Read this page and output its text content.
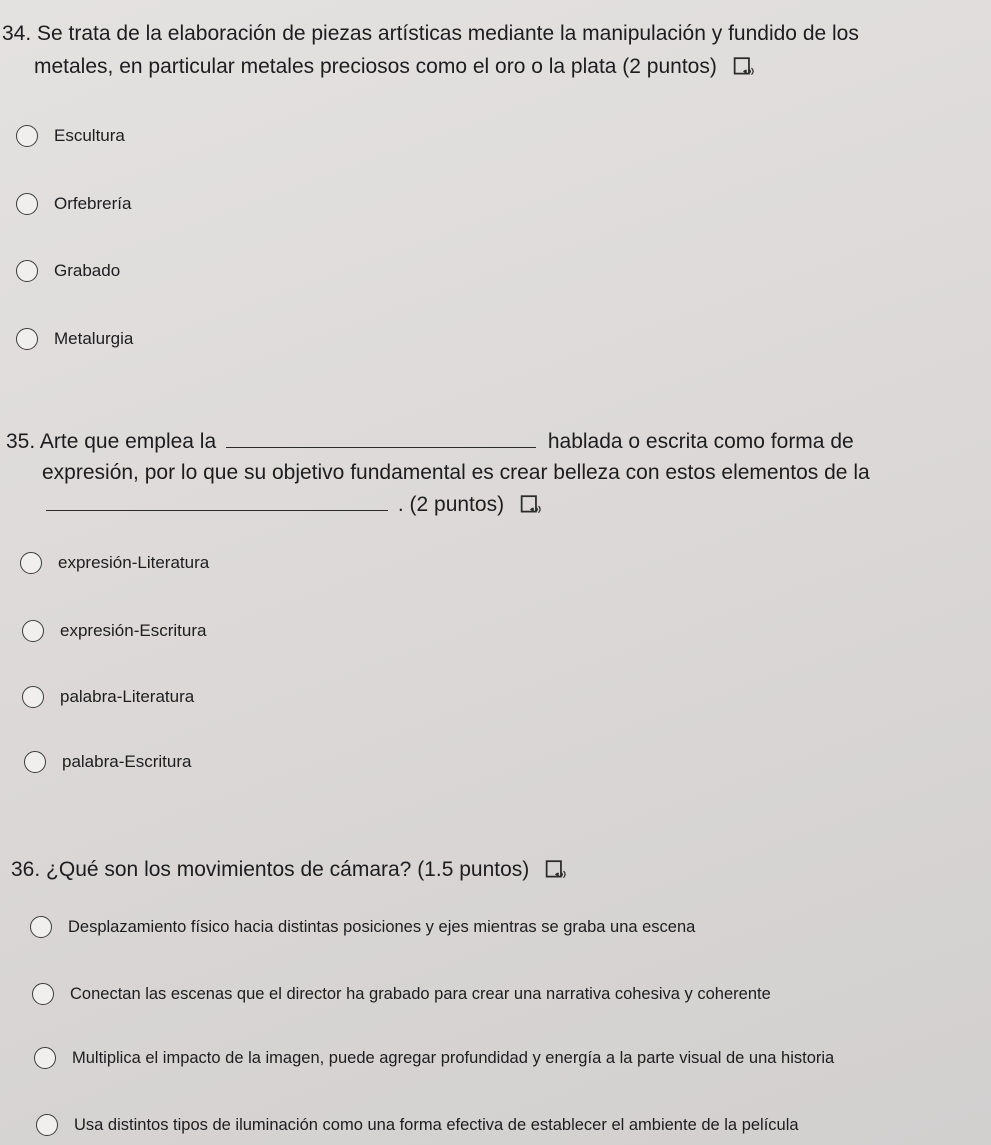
34. Se trata de la elaboración de piezas artísticas mediante la manipulación y fundido de los
metales, en particular metales preciosos como el oro o la plata (2 puntos)
Escultura
Orfebrería
Grabado
Metalurgia
35. Arte que emplea la	hablada o escrita como forma de
expresión, por lo que su objetivo fundamental es crear belleza con estos elementos de la
. (2 puntos)
expresión-Literatura
expresión-Escritura
palabra-Literatura
palabra-Escritura
36. ¿Qué son los movimientos de cámara? (1.5 puntos)
Desplazamiento físico hacia distintas posiciones y ejes mientras se graba una escena
Conectan las escenas que el director ha grabado para crear una narrativa cohesiva y coherente
Multiplica el impacto de la imagen, puede agregar profundidad y energía a la parte visual de una historia
Usa distintos tipos de iluminación como una forma efectiva de establecer el ambiente de la película
